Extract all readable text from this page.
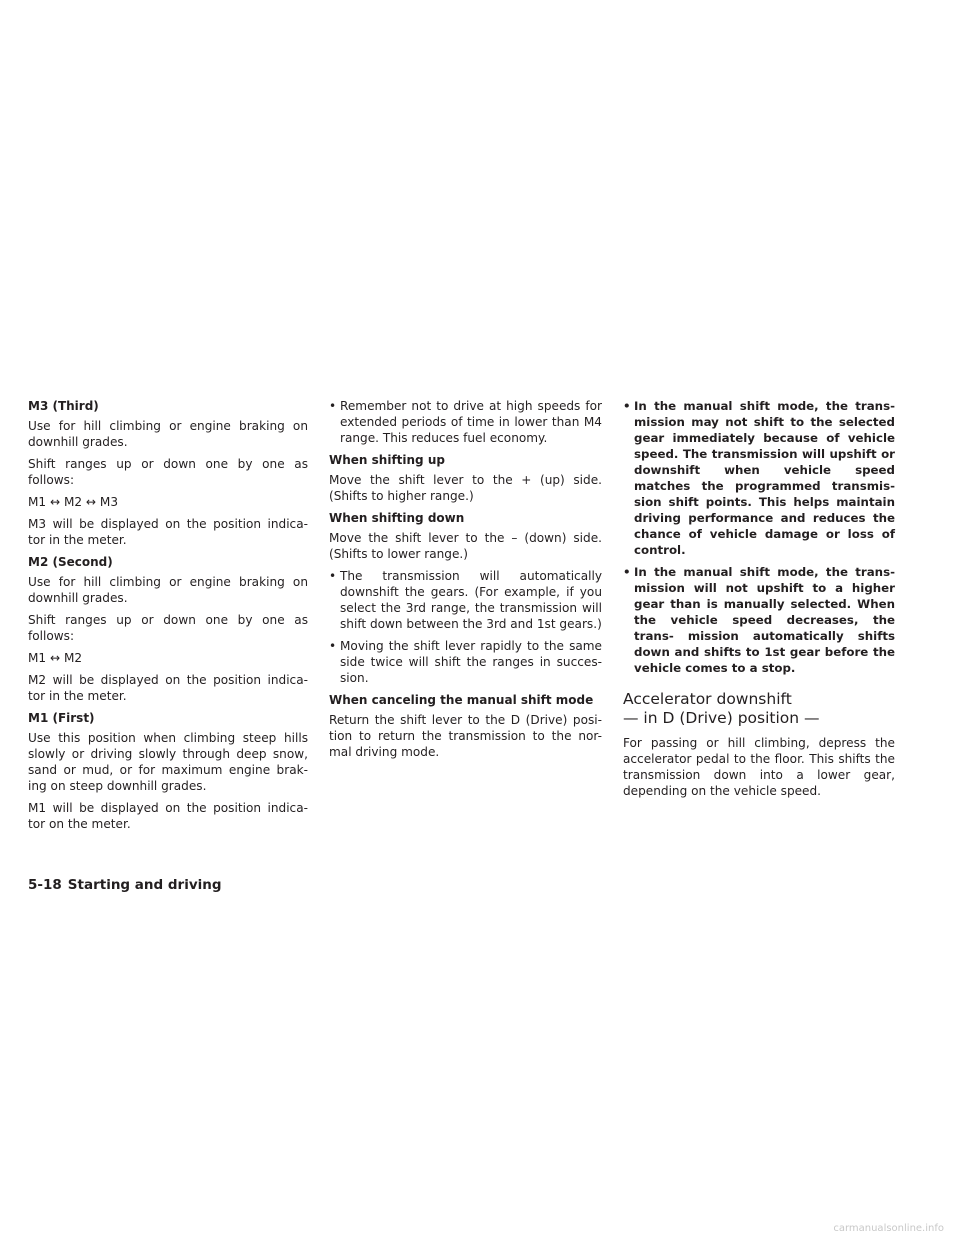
M3 (Third)
Use for hill climbing or engine braking on downhill grades.
Shift ranges up or down one by one as follows:
M1 ↔ M2 ↔ M3
M3 will be displayed on the position indica- tor in the meter.
M2 (Second)
Use for hill climbing or engine braking on downhill grades.
Shift ranges up or down one by one as follows:
M1 ↔ M2
M2 will be displayed on the position indica- tor in the meter.
M1 (First)
Use this position when climbing steep hills slowly or driving slowly through deep snow, sand or mud, or for maximum engine brak- ing on steep downhill grades.
M1 will be displayed on the position indica- tor on the meter.
• Remember not to drive at high speeds for extended periods of time in lower than M4 range. This reduces fuel economy.
When shifting up
Move the shift lever to the + (up) side. (Shifts to higher range.)
When shifting down
Move the shift lever to the – (down) side. (Shifts to lower range.)
• The transmission will automatically downshift the gears. (For example, if you select the 3rd range, the transmission will shift down between the 3rd and 1st gears.)
• Moving the shift lever rapidly to the same side twice will shift the ranges in succes- sion.
When canceling the manual shift mode
Return the shift lever to the D (Drive) posi- tion to return the transmission to the nor- mal driving mode.
• In the manual shift mode, the trans- mission may not shift to the selected gear immediately because of vehicle speed. The transmission will upshift or downshift when vehicle speed matches the programmed transmis- sion shift points. This helps maintain driving performance and reduces the chance of vehicle damage or loss of control.
• In the manual shift mode, the trans- mission will not upshift to a higher gear than is manually selected. When the vehicle speed decreases, the trans- mission automatically shifts down and shifts to 1st gear before the vehicle comes to a stop.
Accelerator downshift
— in D (Drive) position —
For passing or hill climbing, depress the accelerator pedal to the floor. This shifts the transmission down into a lower gear, depending on the vehicle speed.
5-18 Starting and driving
carmanualsonline.info
